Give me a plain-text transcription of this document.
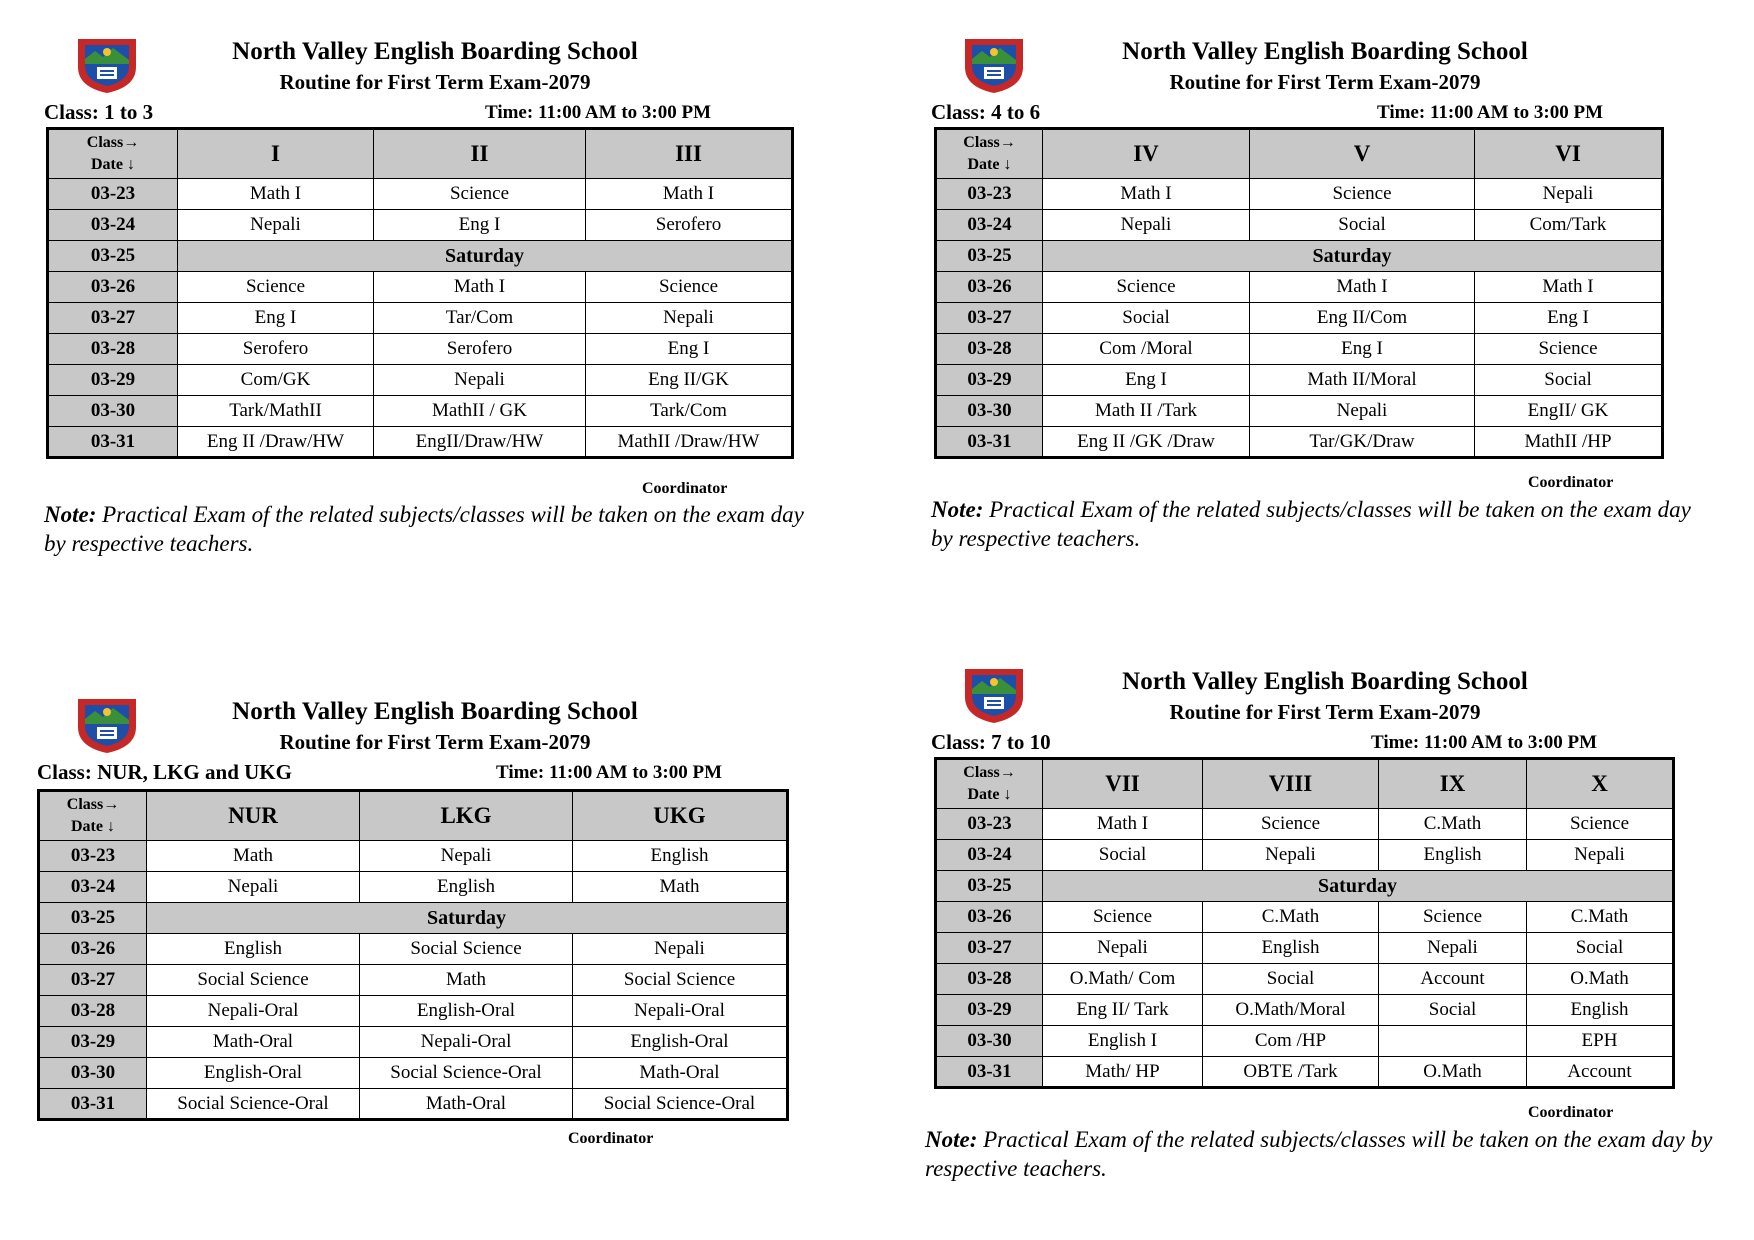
North Valley English Boarding School
Routine for First Term Exam-2079
Class: 1 to 3	Time: 11:00 AM to 3:00 PM
Class→
Date ↓	I	II	III
03-23	Math I	Science	Math I
03-24	Nepali	Eng I	Serofero
03-25	Saturday		
03-26	Science	Math I	Science
03-27	Eng I	Tar/Com	Nepali
03-28	Serofero	Serofero	Eng I
03-29	Com/GK	Nepali	Eng II/GK
03-30	Tark/MathII	MathII / GK	Tark/Com
03-31	Eng II /Draw/HW	EngII/Draw/HW	MathII /Draw/HW
Coordinator
Note: Practical Exam of the related subjects/classes will be taken on the exam day by respective teachers.
North Valley English Boarding School
Routine for First Term Exam-2079
Class: 4 to 6	Time: 11:00 AM to 3:00 PM
Class→
Date ↓	IV	V	VI
03-23	Math I	Science	Nepali
03-24	Nepali	Social	Com/Tark
03-25	Saturday		
03-26	Science	Math I	Math I
03-27	Social	Eng II/Com	Eng I
03-28	Com /Moral	Eng I	Science
03-29	Eng I	Math II/Moral	Social
03-30	Math II /Tark	Nepali	EngII/ GK
03-31	Eng II /GK /Draw	Tar/GK/Draw	MathII /HP
Coordinator
Note: Practical Exam of the related subjects/classes will be taken on the exam day by respective teachers.
North Valley English Boarding School
Routine for First Term Exam-2079
Class: NUR, LKG and UKG	Time: 11:00 AM to 3:00 PM
Class→
Date ↓	NUR	LKG	UKG
03-23	Math	Nepali	English
03-24	Nepali	English	Math
03-25	Saturday		
03-26	English	Social Science	Nepali
03-27	Social Science	Math	Social Science
03-28	Nepali-Oral	English-Oral	Nepali-Oral
03-29	Math-Oral	Nepali-Oral	English-Oral
03-30	English-Oral	Social Science-Oral	Math-Oral
03-31	Social Science-Oral	Math-Oral	Social Science-Oral
Coordinator
North Valley English Boarding School
Routine for First Term Exam-2079
Class: 7 to 10	Time: 11:00 AM to 3:00 PM
Class→
Date ↓	VII	VIII	IX	X
03-23	Math I	Science	C.Math	Science
03-24	Social	Nepali	English	Nepali
03-25	Saturday			
03-26	Science	C.Math	Science	C.Math
03-27	Nepali	English	Nepali	Social
03-28	O.Math/ Com	Social	Account	O.Math
03-29	Eng II/ Tark	O.Math/Moral	Social	English
03-30	English I	Com /HP		EPH
03-31	Math/ HP	OBTE /Tark	O.Math	Account
Coordinator
Note: Practical Exam of the related subjects/classes will be taken on the exam day by respective teachers.
